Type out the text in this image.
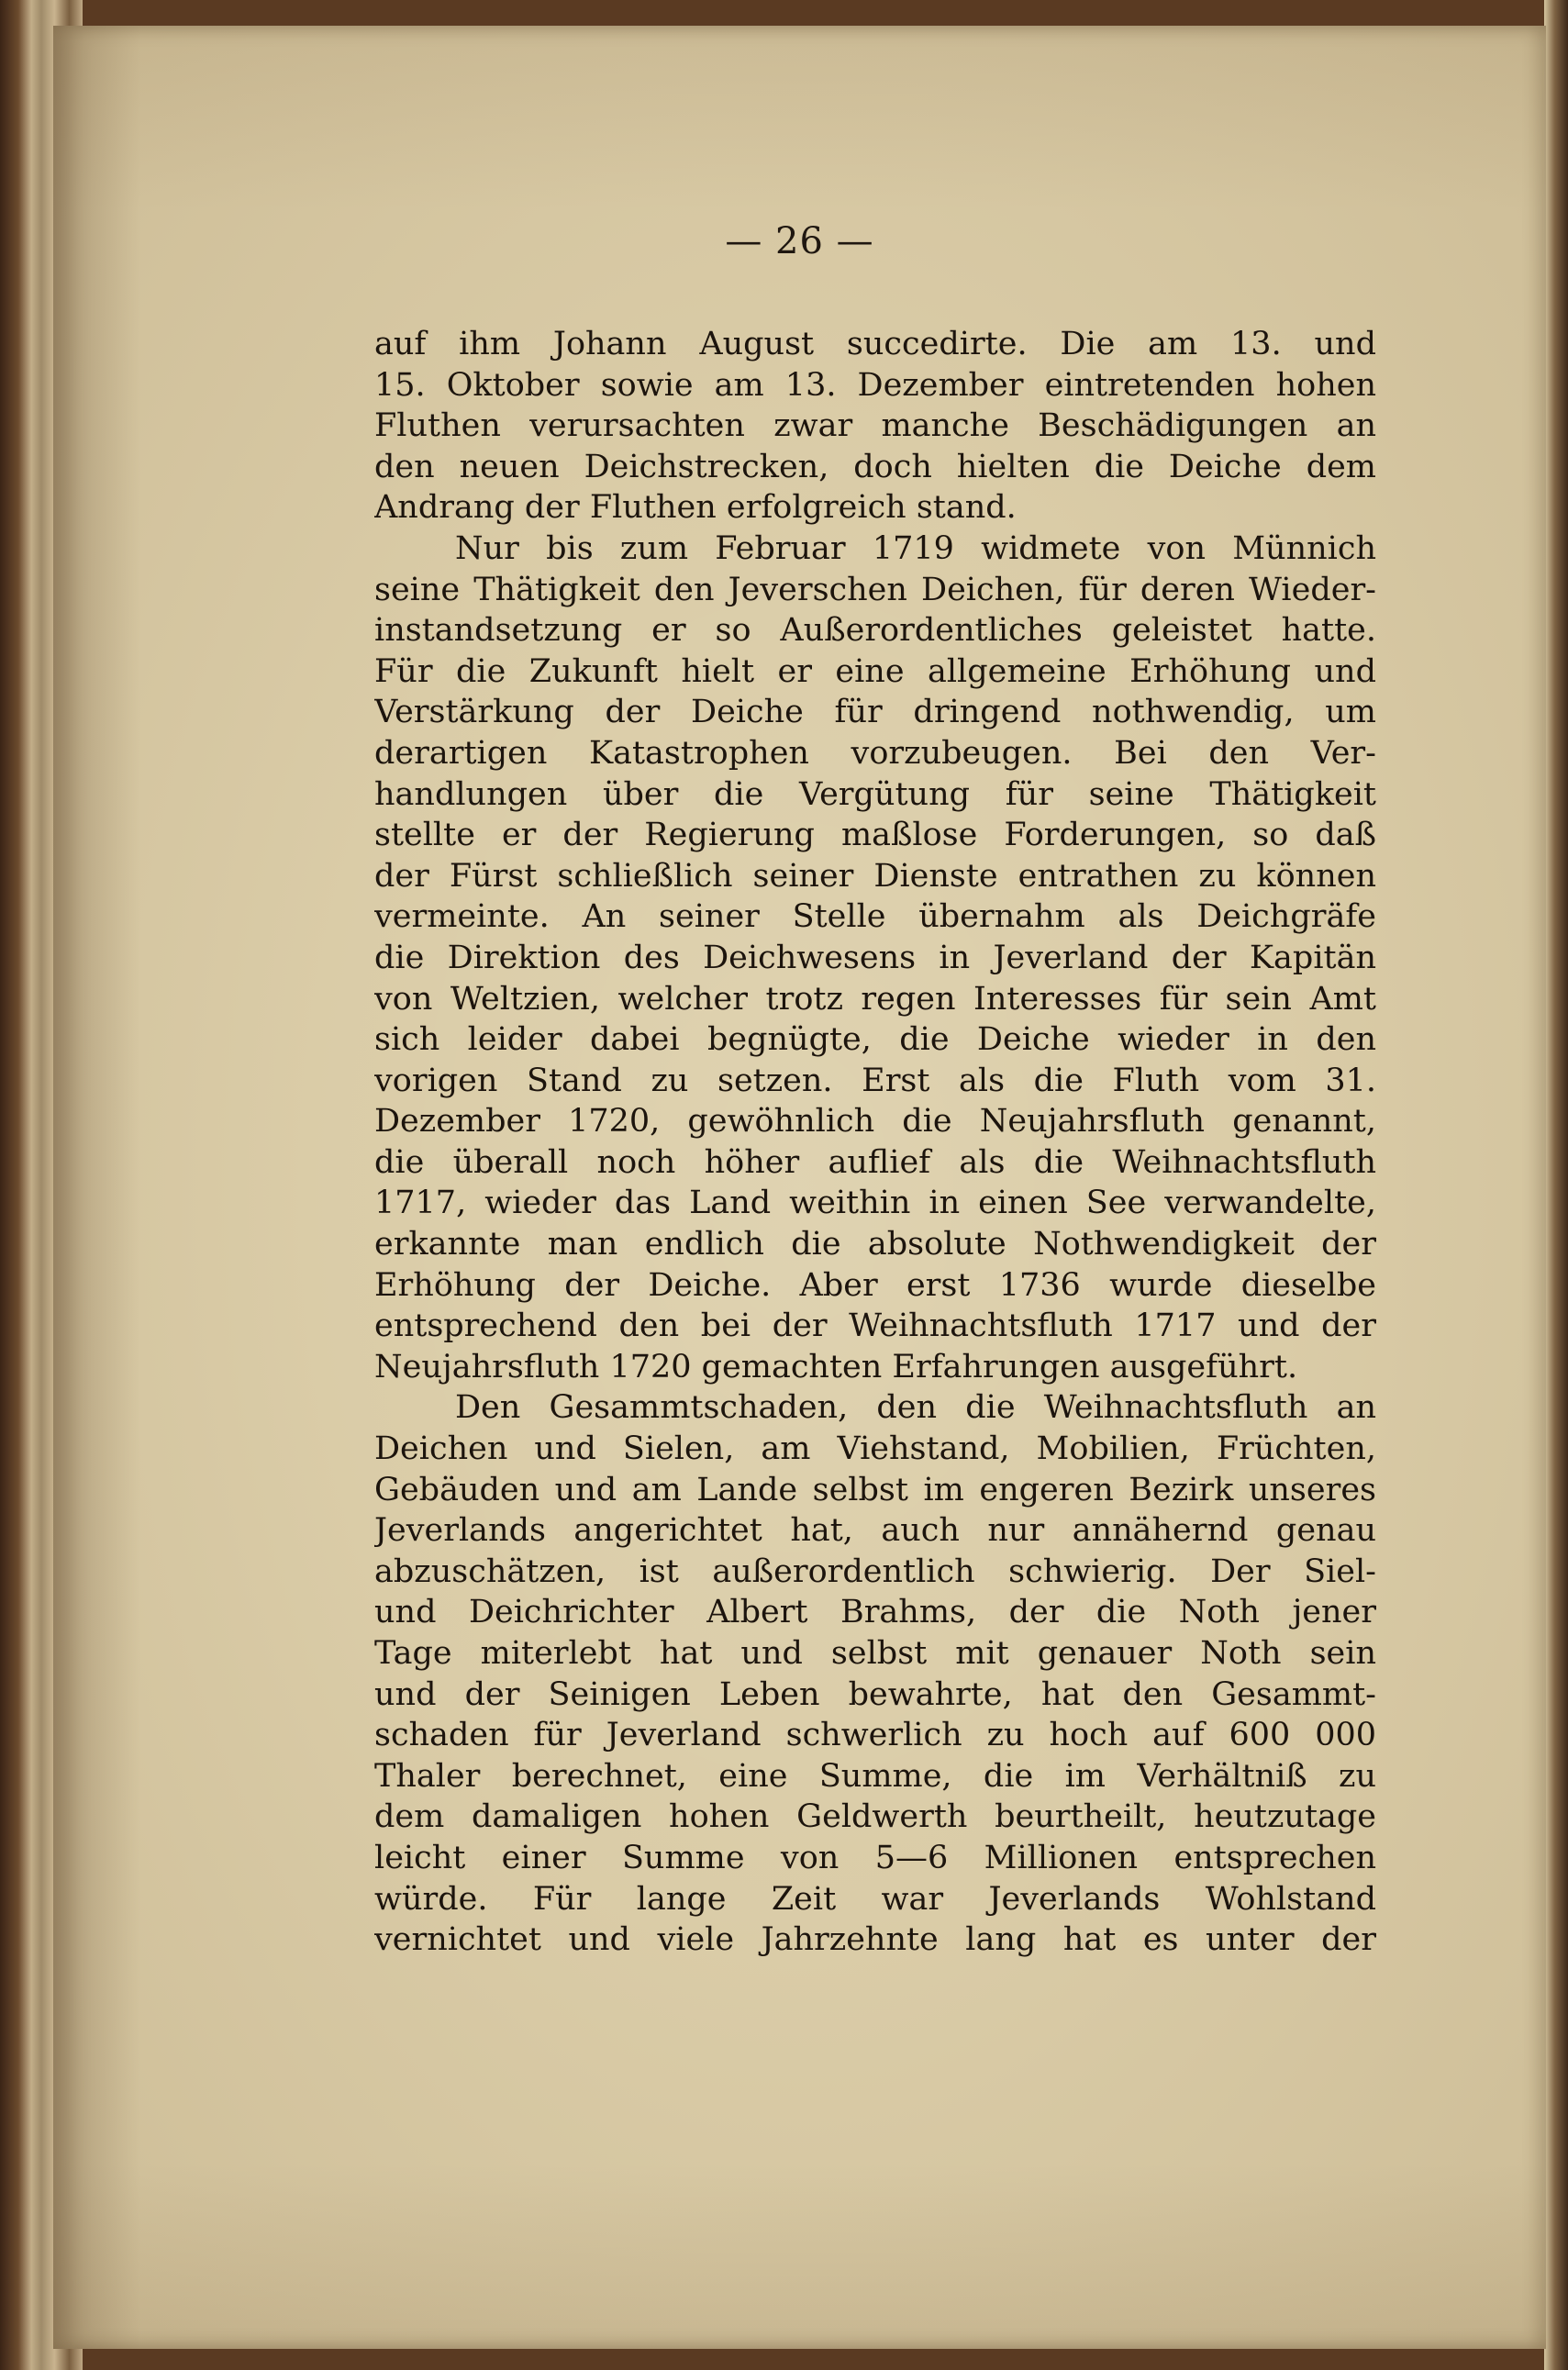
— 26 —
auf ihm Johann August succedirte. Die am 13. und
15. Oktober sowie am 13. Dezember eintretenden hohen
Fluthen verursachten zwar manche Beschädigungen an
den neuen Deichstrecken, doch hielten die Deiche dem
Andrang der Fluthen erfolgreich stand.
Nur bis zum Februar 1719 widmete von Münnich
seine Thätigkeit den Jeverschen Deichen, für deren Wieder-
instandsetzung er so Außerordentliches geleistet hatte.
Für die Zukunft hielt er eine allgemeine Erhöhung und
Verstärkung der Deiche für dringend nothwendig, um
derartigen Katastrophen vorzubeugen. Bei den Ver-
handlungen über die Vergütung für seine Thätigkeit
stellte er der Regierung maßlose Forderungen, so daß
der Fürst schließlich seiner Dienste entrathen zu können
vermeinte. An seiner Stelle übernahm als Deichgräfe
die Direktion des Deichwesens in Jeverland der Kapitän
von Weltzien, welcher trotz regen Interesses für sein Amt
sich leider dabei begnügte, die Deiche wieder in den
vorigen Stand zu setzen. Erst als die Fluth vom 31.
Dezember 1720, gewöhnlich die Neujahrsfluth genannt,
die überall noch höher auflief als die Weihnachtsfluth
1717, wieder das Land weithin in einen See verwandelte,
erkannte man endlich die absolute Nothwendigkeit der
Erhöhung der Deiche. Aber erst 1736 wurde dieselbe
entsprechend den bei der Weihnachtsfluth 1717 und der
Neujahrsfluth 1720 gemachten Erfahrungen ausgeführt.
Den Gesammtschaden, den die Weihnachtsfluth an
Deichen und Sielen, am Viehstand, Mobilien, Früchten,
Gebäuden und am Lande selbst im engeren Bezirk unseres
Jeverlands angerichtet hat, auch nur annähernd genau
abzuschätzen, ist außerordentlich schwierig. Der Siel-
und Deichrichter Albert Brahms, der die Noth jener
Tage miterlebt hat und selbst mit genauer Noth sein
und der Seinigen Leben bewahrte, hat den Gesammt-
schaden für Jeverland schwerlich zu hoch auf 600 000
Thaler berechnet, eine Summe, die im Verhältniß zu
dem damaligen hohen Geldwerth beurtheilt, heutzutage
leicht einer Summe von 5—6 Millionen entsprechen
würde. Für lange Zeit war Jeverlands Wohlstand
vernichtet und viele Jahrzehnte lang hat es unter der
